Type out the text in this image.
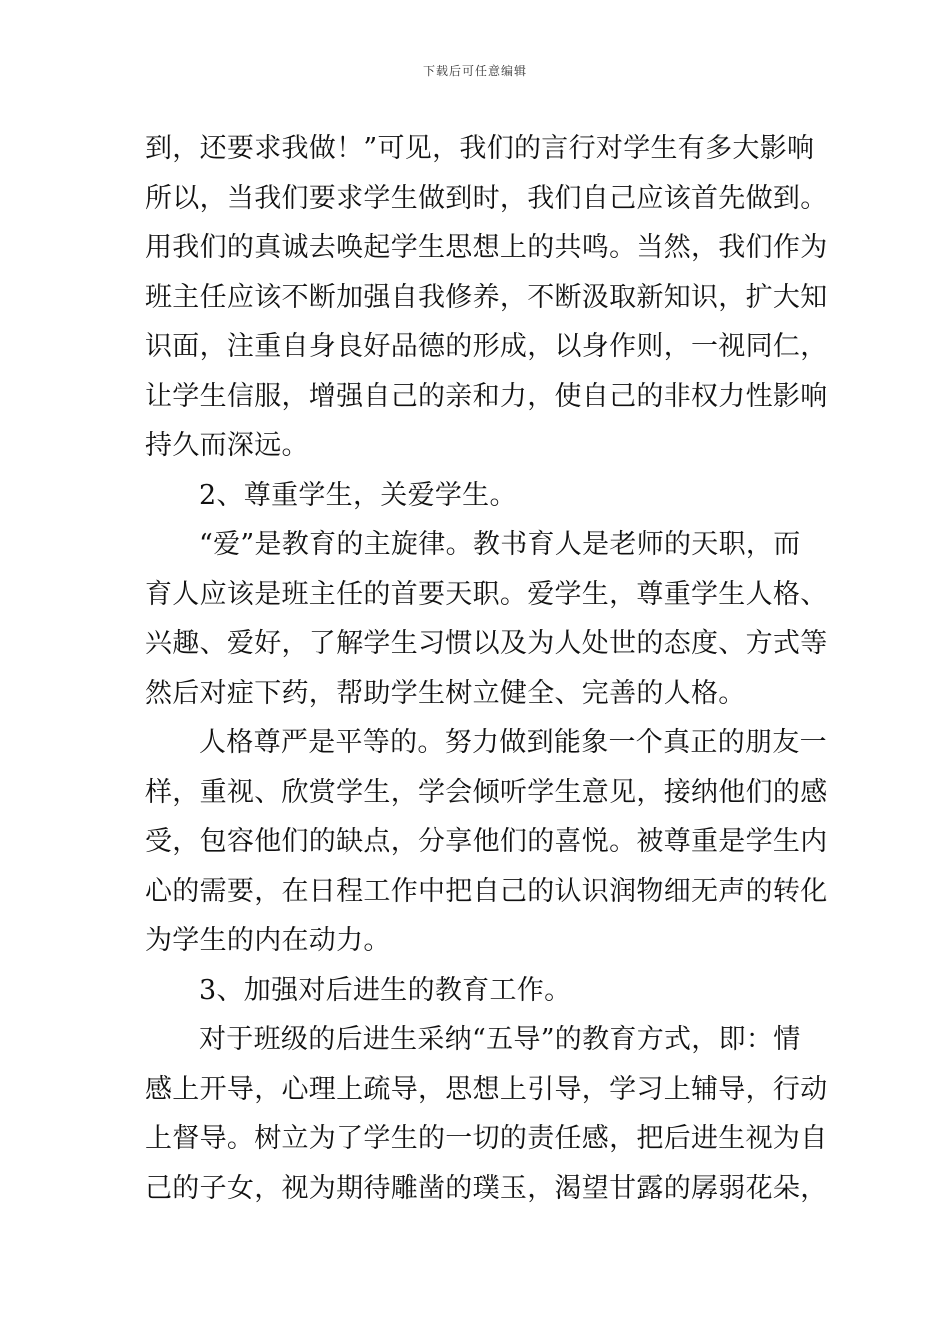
下载后可任意编辑
到，还要求我做！”可见，我们的言行对学生有多大影响
所以，当我们要求学生做到时，我们自己应该首先做到。
用我们的真诚去唤起学生思想上的共鸣。当然，我们作为
班主任应该不断加强自我修养，不断汲取新知识，扩大知
识面，注重自身良好品德的形成，以身作则，一视同仁，
让学生信服，增强自己的亲和力，使自己的非权力性影响
持久而深远。
2、尊重学生，关爱学生。
“爱”是教育的主旋律。教书育人是老师的天职，而
育人应该是班主任的首要天职。爱学生，尊重学生人格、
兴趣、爱好，了解学生习惯以及为人处世的态度、方式等
然后对症下药，帮助学生树立健全、完善的人格。
人格尊严是平等的。努力做到能象一个真正的朋友一
样，重视、欣赏学生，学会倾听学生意见，接纳他们的感
受，包容他们的缺点，分享他们的喜悦。被尊重是学生内
心的需要，在日程工作中把自己的认识润物细无声的转化
为学生的内在动力。
3、加强对后进生的教育工作。
对于班级的后进生采纳“五导”的教育方式，即：情
感上开导，心理上疏导，思想上引导，学习上辅导，行动
上督导。树立为了学生的一切的责任感，把后进生视为自
己的子女，视为期待雕凿的璞玉，渴望甘露的孱弱花朵，
